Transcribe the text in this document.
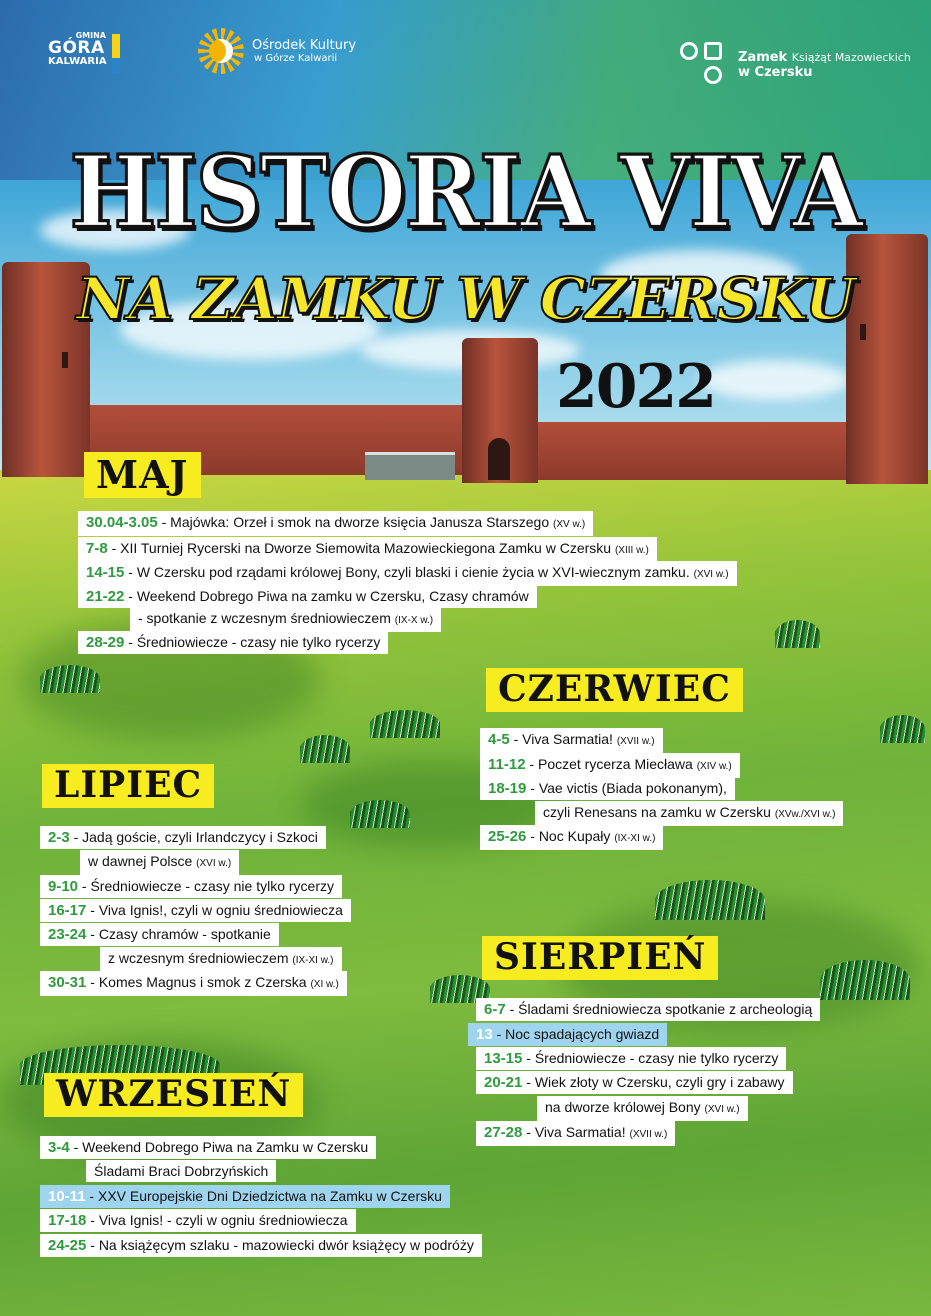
GMINA
GÓRA
KALWARIA
Ośrodek Kultury
w Górze Kalwarii	Zamek Książąt Mazowieckich
w Czersku
HISTORIA VIVA
NA ZAMKU W CZERSKU
2022
MAJ
30.04-3.05 - Majówka: Orzeł i smok na dworze księcia Janusza Starszego (XV w.)
7-8 - XII Turniej Rycerski na Dworze Siemowita Mazowieckiegona Zamku w Czersku (XIII w.)
14-15 - W Czersku pod rządami królowej Bony, czyli blaski i cienie życia w XVI-wiecznym zamku. (XVI w.)
21-22 - Weekend Dobrego Piwa na zamku w Czersku, Czasy chramów
- spotkanie z wczesnym średniowieczem (IX-X w.)
28-29 - Średniowiecze - czasy nie tylko rycerzy
CZERWIEC
4-5 - Viva Sarmatia! (XVII w.)
11-12 - Poczet rycerza Miecława (XIV w.)
18-19 - Vae victis (Biada pokonanym),
czyli Renesans na zamku w Czersku (XVw./XVI w.)
25-26 - Noc Kupały (IX-XI w.)
LIPIEC
2-3 - Jadą goście, czyli Irlandczycy i Szkoci
w dawnej Polsce (XVI w.)
9-10 - Średniowiecze - czasy nie tylko rycerzy
16-17 - Viva Ignis!, czyli w ogniu średniowiecza
23-24 - Czasy chramów - spotkanie
z wczesnym średniowieczem (IX-XI w.)
30-31 - Komes Magnus i smok z Czerska (XI w.)
SIERPIEŃ
6-7 - Śladami średniowiecza spotkanie z archeologią
13 - Noc spadających gwiazd
13-15 - Średniowiecze - czasy nie tylko rycerzy
20-21 - Wiek złoty w Czersku, czyli gry i zabawy
na dworze królowej Bony (XVI w.)
27-28 - Viva Sarmatia! (XVII w.)
WRZESIEŃ
3-4 - Weekend Dobrego Piwa na Zamku w Czersku
Śladami Braci Dobrzyńskich
10-11 - XXV Europejskie Dni Dziedzictwa na Zamku w Czersku
17-18 - Viva Ignis! - czyli w ogniu średniowiecza
24-25 - Na książęcym szlaku - mazowiecki dwór książęcy w podróży
